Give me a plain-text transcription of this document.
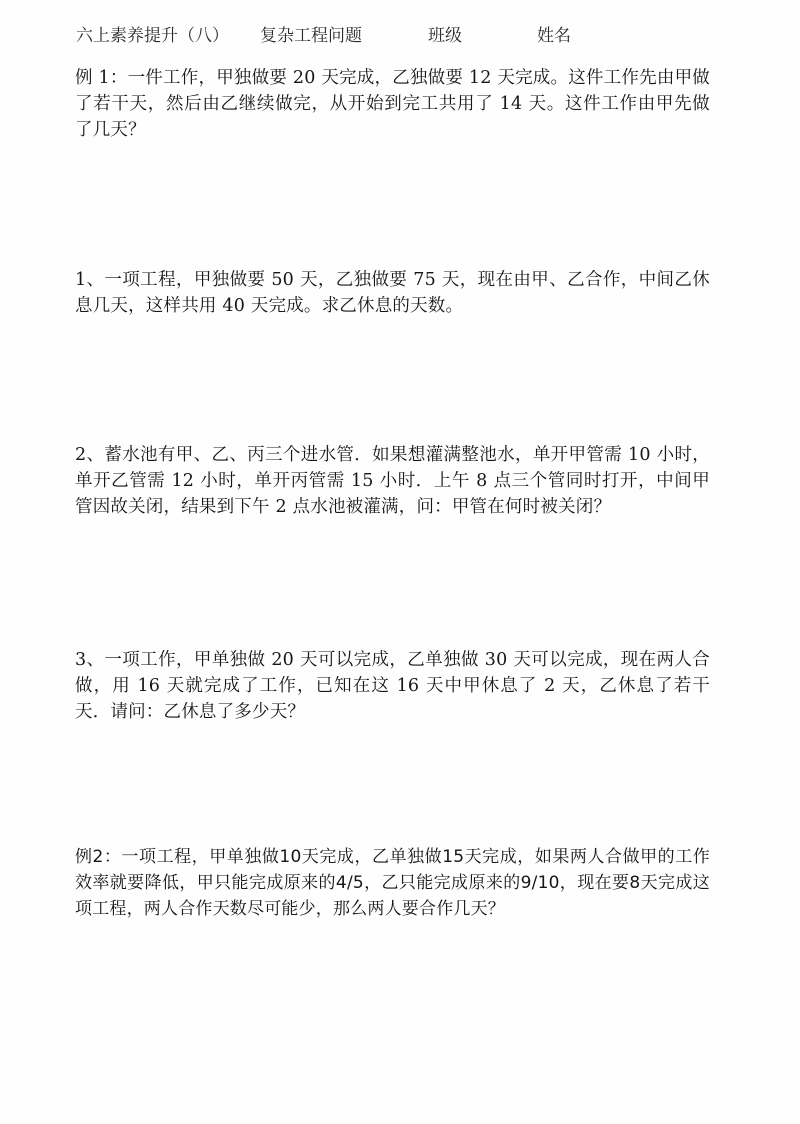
六上素养提升（八） 复杂工程问题	班级	姓名
例 1：一件工作，甲独做要 20 天完成，乙独做要 12 天完成。这件工作先由甲做了若干天，然后由乙继续做完，从开始到完工共用了 14 天。这件工作由甲先做了几天？
1、一项工程，甲独做要 50 天，乙独做要 75 天，现在由甲、乙合作，中间乙休息几天，这样共用 40 天完成。求乙休息的天数。
2、蓄水池有甲、乙、丙三个进水管．如果想灌满整池水，单开甲管需 10 小时，单开乙管需 12 小时，单开丙管需 15 小时．上午 8 点三个管同时打开，中间甲管因故关闭，结果到下午 2 点水池被灌满，问：甲管在何时被关闭？
3、一项工作，甲单独做 20 天可以完成，乙单独做 30 天可以完成，现在两人合做，用 16 天就完成了工作，已知在这 16 天中甲休息了 2 天，乙休息了若干天．请问：乙休息了多少天？
例2：一项工程，甲单独做10天完成，乙单独做15天完成，如果两人合做甲的工作效率就要降低，甲只能完成原来的4/5，乙只能完成原来的9/10，现在要8天完成这项工程，两人合作天数尽可能少，那么两人要合作几天？
